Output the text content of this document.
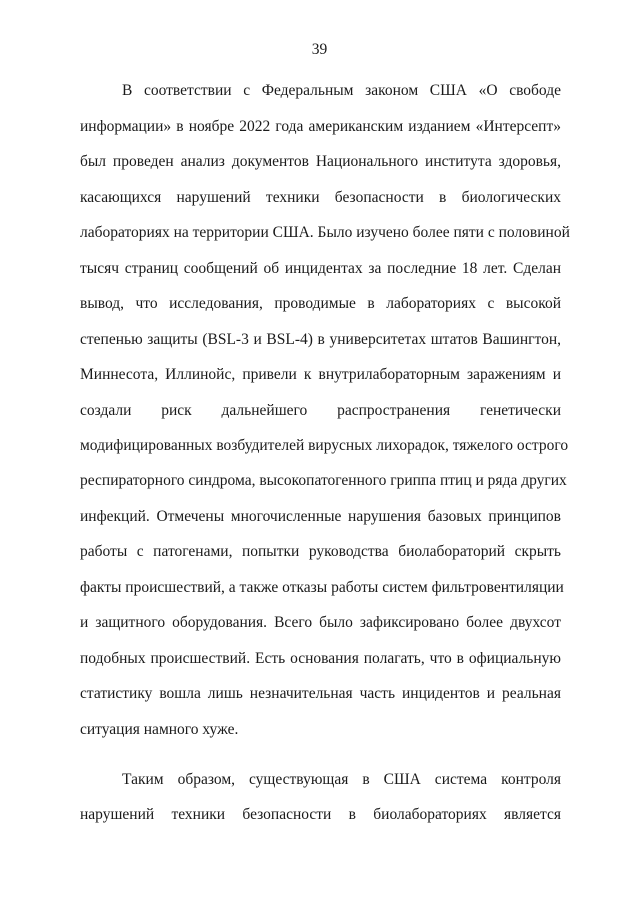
39
В соответствии с Федеральным законом США «О свободе
информации» в ноябре 2022 года американским изданием «Интерсепт»
был проведен анализ документов Национального института здоровья,
касающихся нарушений техники безопасности в биологических
лабораториях на территории США. Было изучено более пяти с половиной
тысяч страниц сообщений об инцидентах за последние 18 лет. Сделан
вывод, что исследования, проводимые в лабораториях с высокой
степенью защиты (BSL-3 и BSL-4) в университетах штатов Вашингтон,
Миннесота, Иллинойс, привели к внутрилабораторным заражениям и
создали риск дальнейшего распространения генетически
модифицированных возбудителей вирусных лихорадок, тяжелого острого
респираторного синдрома, высокопатогенного гриппа птиц и ряда других
инфекций. Отмечены многочисленные нарушения базовых принципов
работы с патогенами, попытки руководства биолабораторий скрыть
факты происшествий, а также отказы работы систем фильтровентиляции
и защитного оборудования. Всего было зафиксировано более двухсот
подобных происшествий. Есть основания полагать, что в официальную
статистику вошла лишь незначительная часть инцидентов и реальная
ситуация намного хуже.
Таким образом, существующая в США система контроля
нарушений техники безопасности в биолабораториях является
